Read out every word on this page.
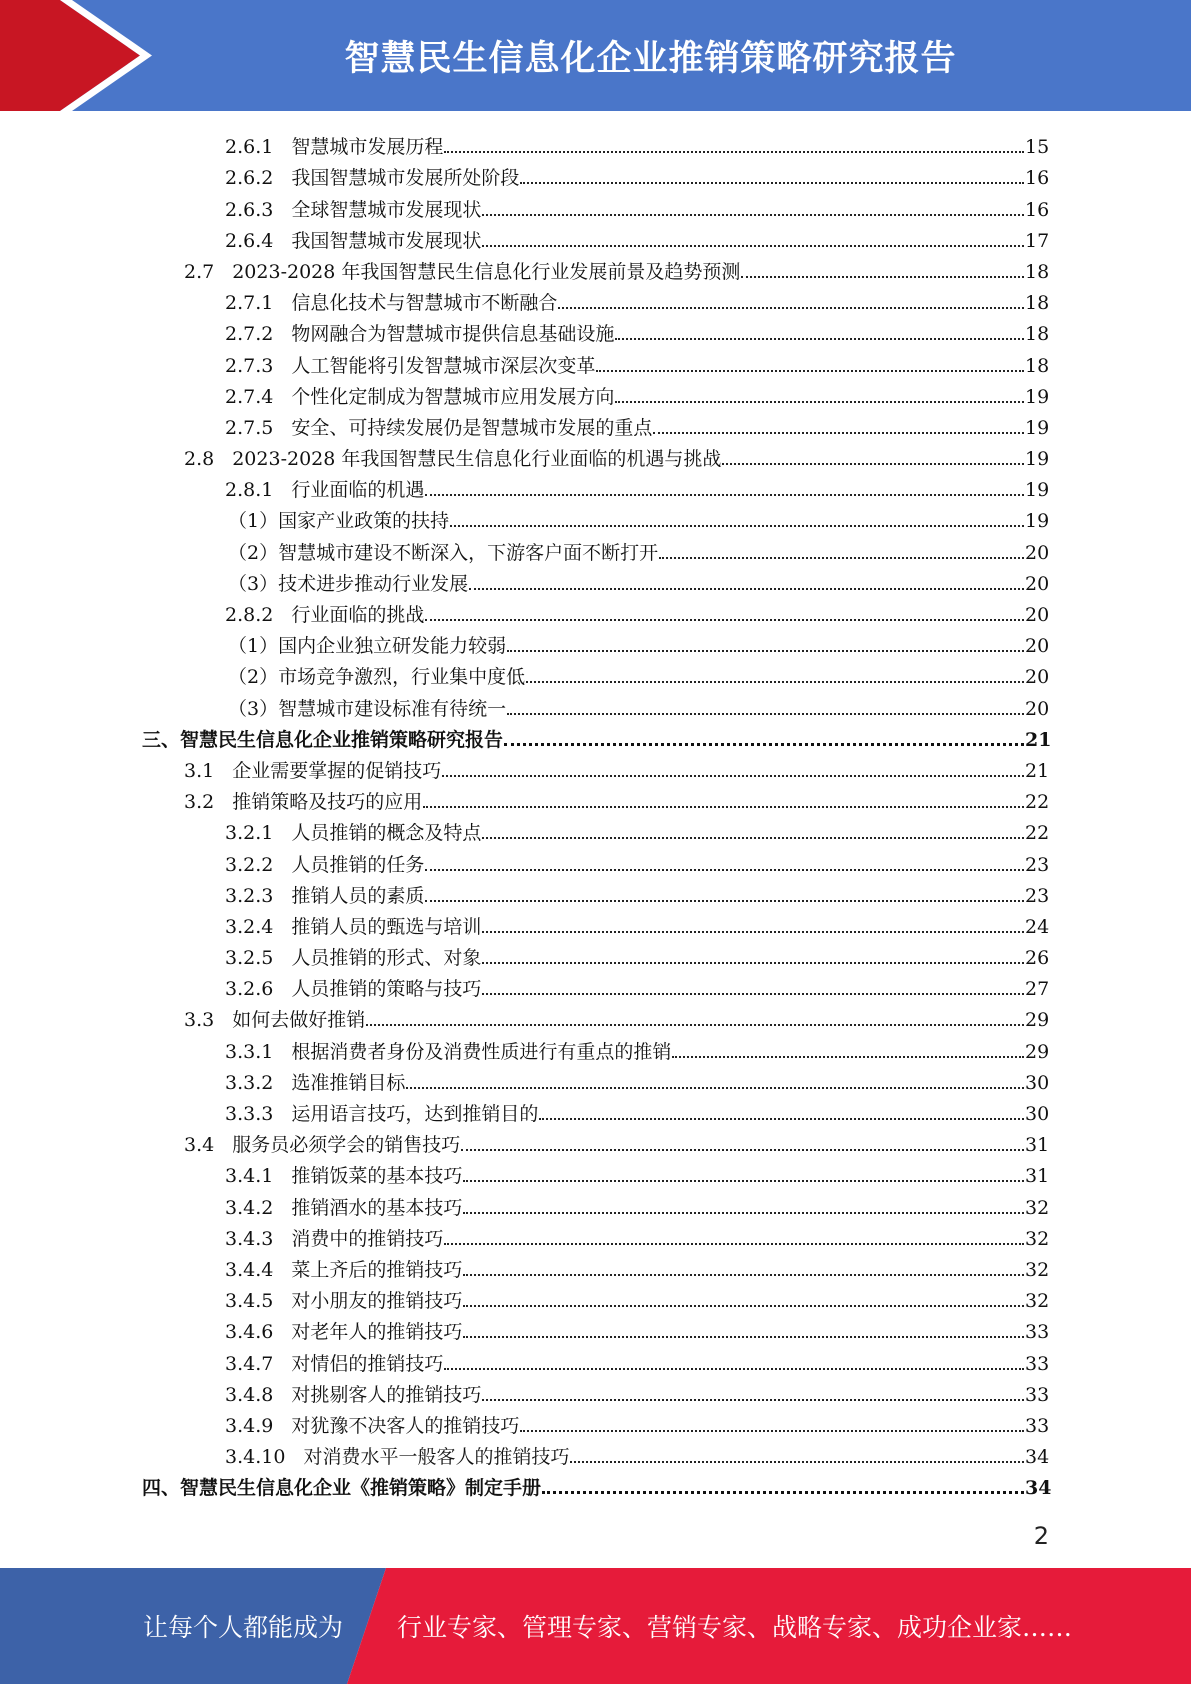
智慧民生信息化企业推销策略研究报告
2.6.1 智慧城市发展历程	15
2.6.2 我国智慧城市发展所处阶段	16
2.6.3 全球智慧城市发展现状	16
2.6.4 我国智慧城市发展现状	17
2.7 2023-2028 年我国智慧民生信息化行业发展前景及趋势预测	18
2.7.1 信息化技术与智慧城市不断融合	18
2.7.2 物网融合为智慧城市提供信息基础设施	18
2.7.3 人工智能将引发智慧城市深层次变革	18
2.7.4 个性化定制成为智慧城市应用发展方向	19
2.7.5 安全、可持续发展仍是智慧城市发展的重点	19
2.8 2023-2028 年我国智慧民生信息化行业面临的机遇与挑战	19
2.8.1 行业面临的机遇	19
（1）国家产业政策的扶持	19
（2）智慧城市建设不断深入，下游客户面不断打开	20
（3）技术进步推动行业发展	20
2.8.2 行业面临的挑战	20
（1）国内企业独立研发能力较弱	20
（2）市场竞争激烈，行业集中度低	20
（3）智慧城市建设标准有待统一	20
三、智慧民生信息化企业推销策略研究报告	21
3.1 企业需要掌握的促销技巧	21
3.2 推销策略及技巧的应用	22
3.2.1 人员推销的概念及特点	22
3.2.2 人员推销的任务	23
3.2.3 推销人员的素质	23
3.2.4 推销人员的甄选与培训	24
3.2.5 人员推销的形式、对象	26
3.2.6 人员推销的策略与技巧	27
3.3 如何去做好推销	29
3.3.1 根据消费者身份及消费性质进行有重点的推销	29
3.3.2 选准推销目标	30
3.3.3 运用语言技巧，达到推销目的	30
3.4 服务员必须学会的销售技巧	31
3.4.1 推销饭菜的基本技巧	31
3.4.2 推销酒水的基本技巧	32
3.4.3 消费中的推销技巧	32
3.4.4 菜上齐后的推销技巧	32
3.4.5 对小朋友的推销技巧	32
3.4.6 对老年人的推销技巧	33
3.4.7 对情侣的推销技巧	33
3.4.8 对挑剔客人的推销技巧	33
3.4.9 对犹豫不决客人的推销技巧	33
3.4.10 对消费水平一般客人的推销技巧	34
四、智慧民生信息化企业《推销策略》制定手册	34
2
让每个人都能成为 行业专家、管理专家、营销专家、战略专家、成功企业家……
